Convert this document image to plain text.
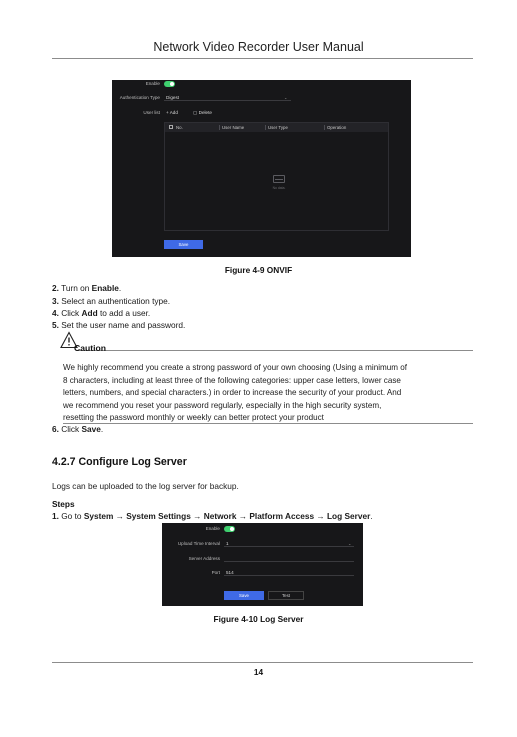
Network Video Recorder User Manual
Enable
Authentication Type Digest	⌄
User list + Add	▢ Delete
No.	User Name	User Type	Operation
No data.
Save
Figure 4-9 ONVIF
2. Turn on Enable.
3. Select an authentication type.
4. Click Add to add a user.
5. Set the user name and password.
Caution
We highly recommend you create a strong password of your own choosing (Using a minimum of
8 characters, including at least three of the following categories: upper case letters, lower case
letters, numbers, and special characters.) in order to increase the security of your product. And
we recommend you reset your password regularly, especially in the high security system,
resetting the password monthly or weekly can better protect your product
6. Click Save.
4.2.7 Configure Log Server
Logs can be uploaded to the log server for backup.
Steps
1. Go to System → System Settings → Network → Platform Access → Log Server.
Enable
Upload Time Interval 1	⌄
Server Address
Port 514
Save	Test
Figure 4-10 Log Server
14
